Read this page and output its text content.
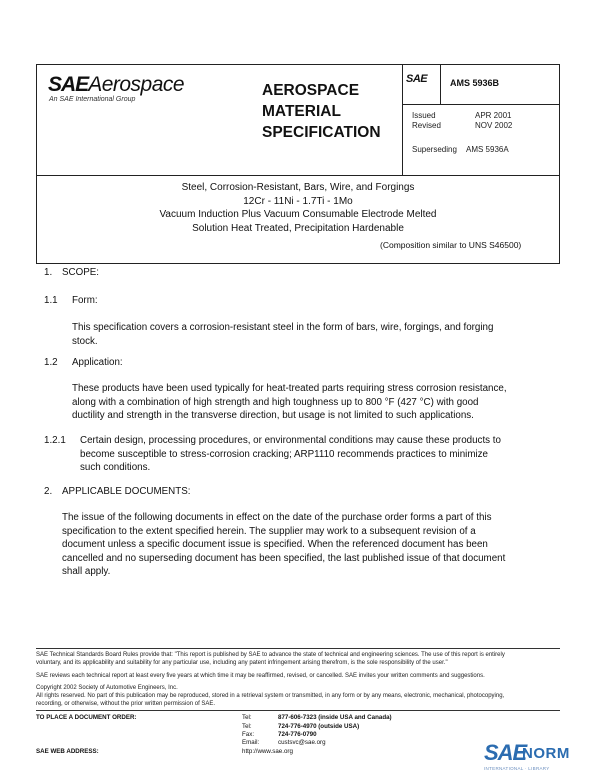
SAEAerospace
An SAE International Group
AEROSPACE
MATERIAL
SPECIFICATION
SAE	AMS 5936B
Issued	APR 2001
Revised	NOV 2002
Superseding AMS 5936A
Steel, Corrosion-Resistant, Bars, Wire, and Forgings
12Cr - 11Ni - 1.7Ti - 1Mo
Vacuum Induction Plus Vacuum Consumable Electrode Melted
Solution Heat Treated, Precipitation Hardenable
(Composition similar to UNS S46500)
1. SCOPE:
1.1 Form:
This specification covers a corrosion-resistant steel in the form of bars, wire, forgings, and forging
stock.
1.2 Application:
These products have been used typically for heat-treated parts requiring stress corrosion resistance,
along with a combination of high strength and high toughness up to 800 °F (427 °C) with good
ductility and strength in the transverse direction, but usage is not limited to such applications.
1.2.1 Certain design, processing procedures, or environmental conditions may cause these products to
become susceptible to stress-corrosion cracking; ARP1110 recommends practices to minimize
such conditions.
2. APPLICABLE DOCUMENTS:
The issue of the following documents in effect on the date of the purchase order forms a part of this
specification to the extent specified herein. The supplier may work to a subsequent revision of a
document unless a specific document issue is specified. When the referenced document has been
cancelled and no superseding document has been specified, the last published issue of that document
shall apply.
SAE Technical Standards Board Rules provide that: "This report is published by SAE to advance the state of technical and engineering sciences. The use of this report is entirely
voluntary, and its applicability and suitability for any particular use, including any patent infringement arising therefrom, is the sole responsibility of the user."
SAE reviews each technical report at least every five years at which time it may be reaffirmed, revised, or cancelled. SAE invites your written comments and suggestions.
Copyright 2002 Society of Automotive Engineers, Inc.
All rights reserved. No part of this publication may be reproduced, stored in a retrieval system or transmitted, in any form or by any means, electronic, mechanical, photocopying,
recording, or otherwise, without the prior written permission of SAE.
TO PLACE A DOCUMENT ORDER:	Tel:	877-606-7323 (inside USA and Canada)
Tel:	724-776-4970 (outside USA)
Fax:	724-776-0790
Email:	custsvc@sae.org
SAE WEB ADDRESS:	http://www.sae.org	SAE
NORM
INTERNATIONAL · LIBRARY
